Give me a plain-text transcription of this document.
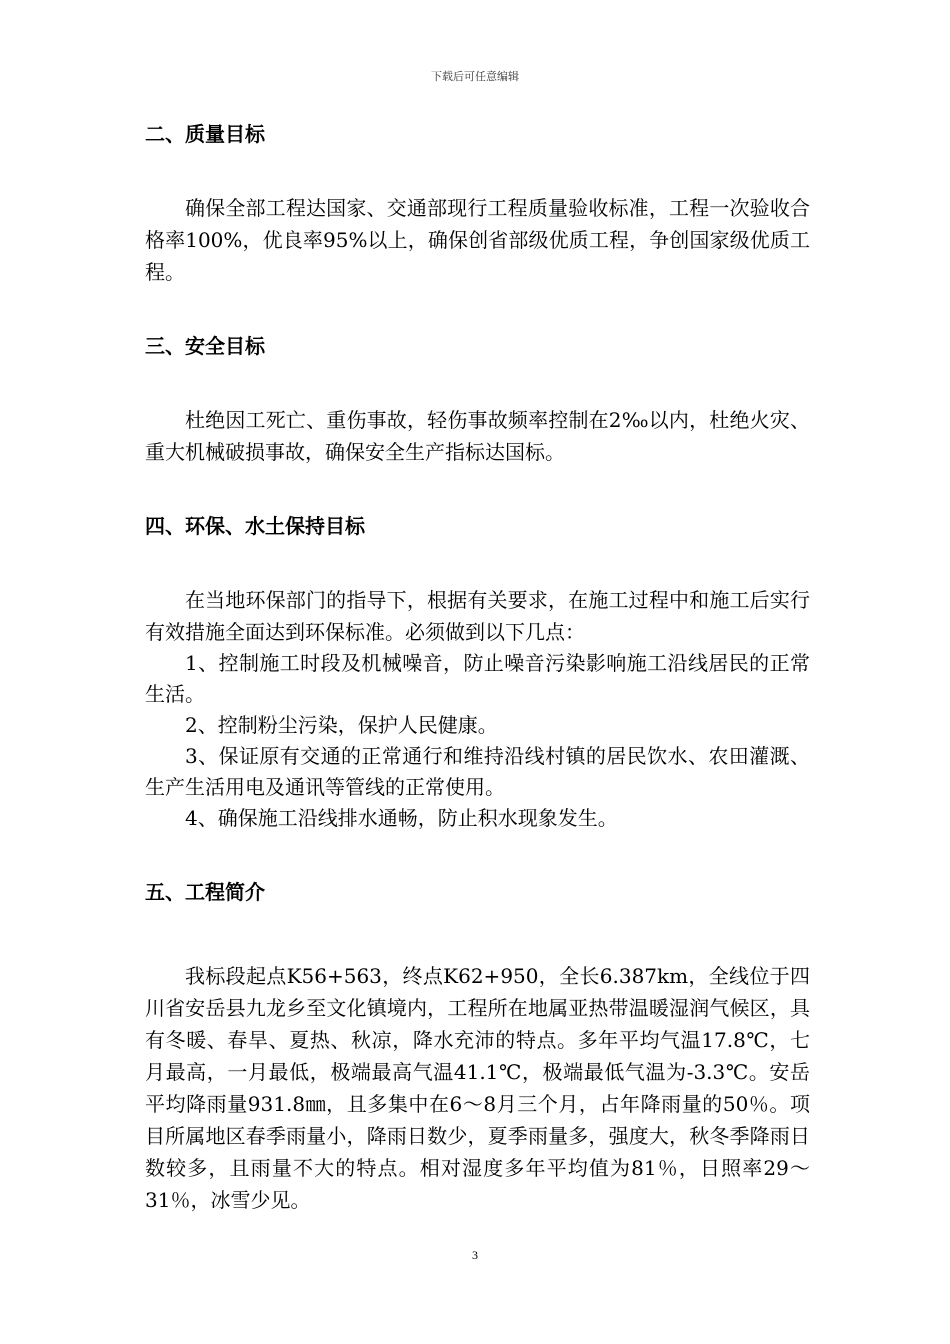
下载后可任意编辑
二、质量目标

确保全部工程达国家、交通部现行工程质量验收标准，工程一次验收合格率100%，优良率95%以上，确保创省部级优质工程，争创国家级优质工程。

三、安全目标

杜绝因工死亡、重伤事故，轻伤事故频率控制在2‰以内，杜绝火灾、重大机械破损事故，确保安全生产指标达国标。

四、环保、水土保持目标

在当地环保部门的指导下，根据有关要求，在施工过程中和施工后实行有效措施全面达到环保标准。必须做到以下几点：

1、控制施工时段及机械噪音，防止噪音污染影响施工沿线居民的正常生活。

2、控制粉尘污染，保护人民健康。

3、保证原有交通的正常通行和维持沿线村镇的居民饮水、农田灌溉、生产生活用电及通讯等管线的正常使用。

4、确保施工沿线排水通畅，防止积水现象发生。

五、工程简介

我标段起点K56+563，终点K62+950，全长6.387km，全线位于四川省安岳县九龙乡至文化镇境内，工程所在地属亚热带温暖湿润气候区，具有冬暖、春旱、夏热、秋凉，降水充沛的特点。多年平均气温17.8℃，七月最高，一月最低，极端最高气温41.1℃，极端最低气温为-3.3℃。安岳平均降雨量931.8㎜，且多集中在6～8月三个月，占年降雨量的50％。项目所属地区春季雨量小，降雨日数少，夏季雨量多，强度大，秋冬季降雨日数较多，且雨量不大的特点。相对湿度多年平均值为81％，日照率29～31％，冰雪少见。

3
